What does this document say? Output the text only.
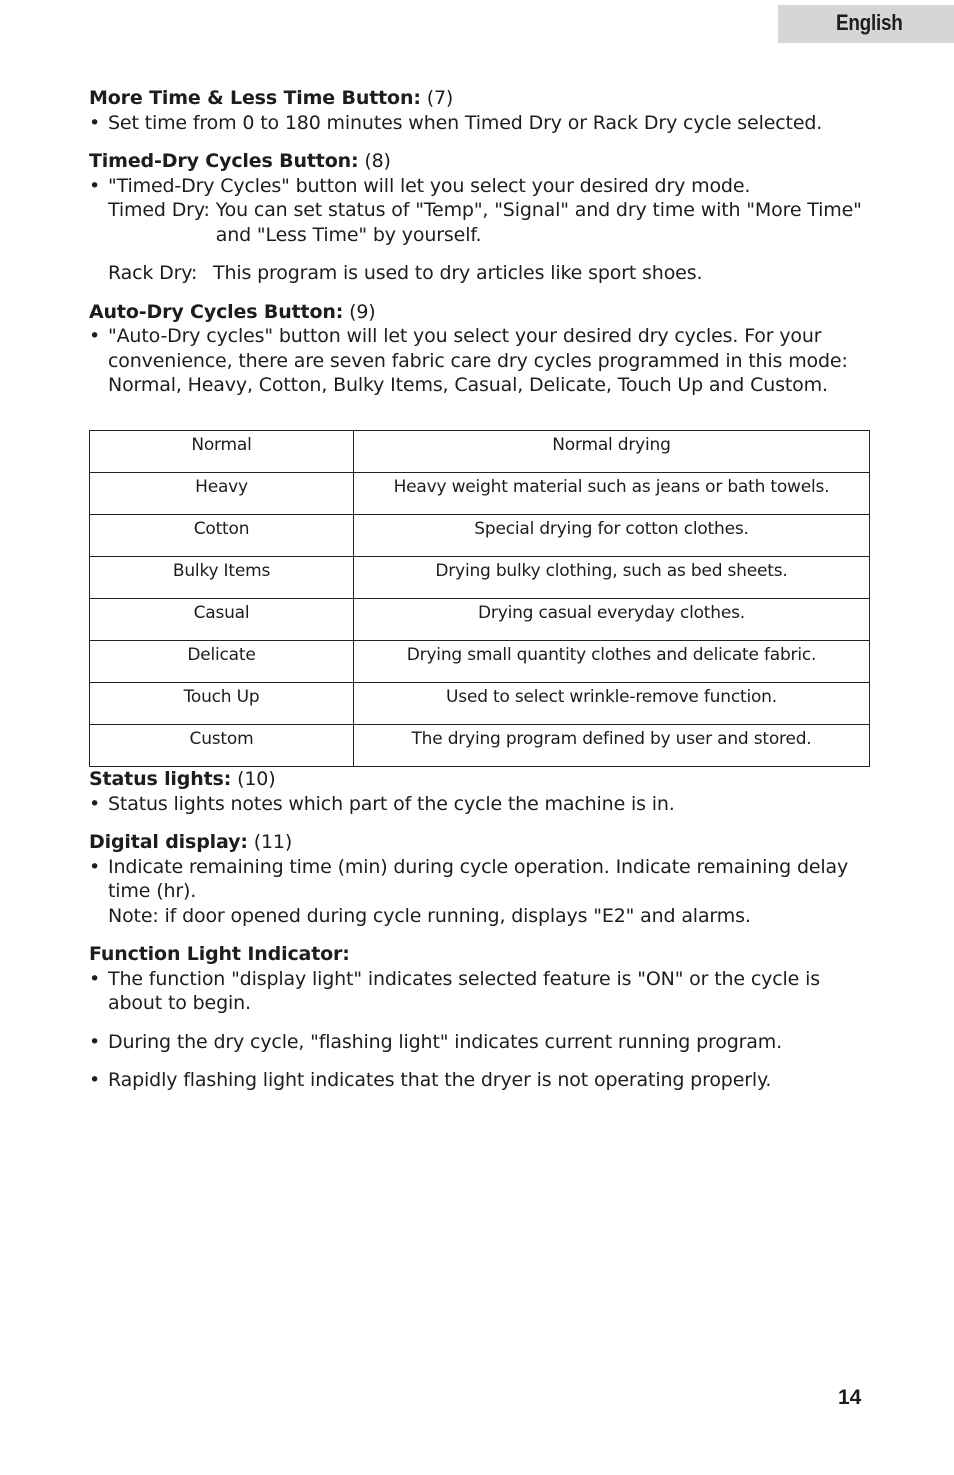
English
More Time & Less Time Button: (7)
• Set time from 0 to 180 minutes when Timed Dry or Rack Dry cycle selected.
Timed-Dry Cycles Button: (8)
• "Timed-Dry Cycles" button will let you select your desired dry mode.
Timed Dry: You can set status of "Temp", "Signal" and dry time with "More Time" and "Less Time" by yourself.
Rack Dry: This program is used to dry articles like sport shoes.
Auto-Dry Cycles Button: (9)
• "Auto-Dry cycles" button will let you select your desired dry cycles. For your convenience, there are seven fabric care dry cycles programmed in this mode: Normal, Heavy, Cotton, Bulky Items, Casual, Delicate, Touch Up and Custom.
Normal	Normal drying
Heavy	Heavy weight material such as jeans or bath towels.
Cotton	Special drying for cotton clothes.
Bulky Items	Drying bulky clothing, such as bed sheets.
Casual	Drying casual everyday clothes.
Delicate	Drying small quantity clothes and delicate fabric.
Touch Up	Used to select wrinkle-remove function.
Custom	The drying program defined by user and stored.
Status lights: (10)
• Status lights notes which part of the cycle the machine is in.
Digital display: (11)
• Indicate remaining time (min) during cycle operation. Indicate remaining delay time (hr).
Note: if door opened during cycle running, displays "E2" and alarms.
Function Light Indicator:
• The function "display light" indicates selected feature is "ON" or the cycle is about to begin.
• During the dry cycle, "flashing light" indicates current running program.
• Rapidly flashing light indicates that the dryer is not operating properly.
14
